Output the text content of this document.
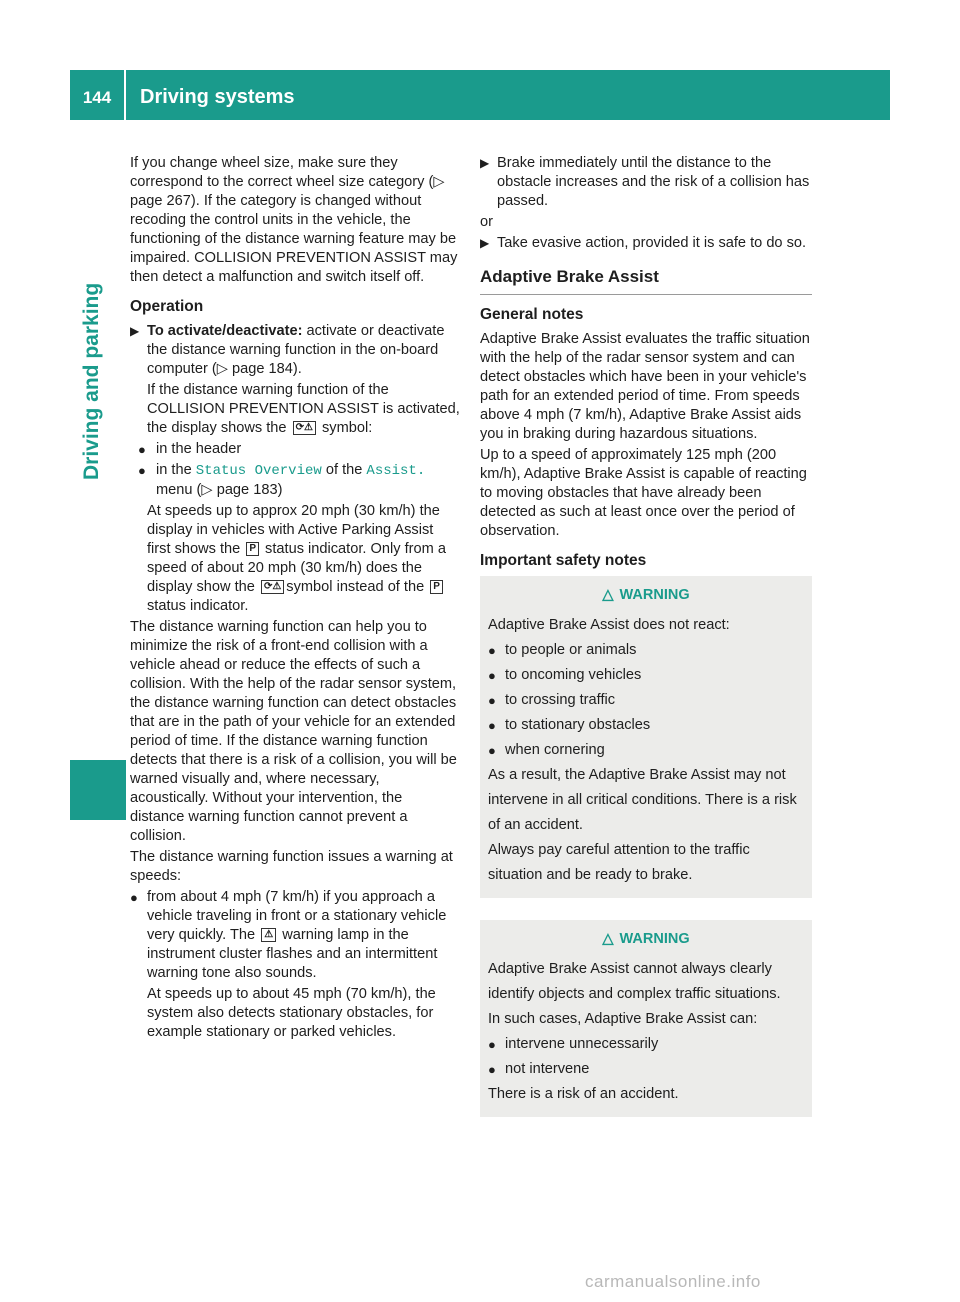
144	Driving systems
Driving and parking

If you change wheel size, make sure they correspond to the correct wheel size category (▷ page 267). If the category is changed without recoding the control units in the vehicle, the functioning of the distance warning feature may be impaired. COLLISION PREVENTION ASSIST may then detect a malfunction and switch itself off.

Operation

▶ To activate/deactivate: activate or deactivate the distance warning function in the on-board computer (▷ page 184).

If the distance warning function of the COLLISION PREVENTION ASSIST is activated, the display shows the ⟳⚠ symbol:

● in the header

● in the Status Overview of the Assist.
menu (▷ page 183)

At speeds up to approx 20 mph (30 km/h) the display in vehicles with Active Parking Assist first shows the P status indicator. Only from a speed of about 20 mph (30 km/h) does the display show the ⟳⚠ symbol instead of the P status indicator.

The distance warning function can help you to minimize the risk of a front-end collision with a vehicle ahead or reduce the effects of such a collision. With the help of the radar sensor system, the distance warning function can detect obstacles that are in the path of your vehicle for an extended period of time. If the distance warning function detects that there is a risk of a collision, you will be warned visually and, where necessary, acoustically. Without your intervention, the distance warning function cannot prevent a collision.

The distance warning function issues a warning at speeds:

● from about 4 mph (7 km/h) if you approach a vehicle traveling in front or a stationary vehicle very quickly. The ⚠ warning lamp in the instrument cluster flashes and an intermittent warning tone also sounds.

At speeds up to about 45 mph (70 km/h), the system also detects stationary obstacles, for example stationary or parked vehicles.

▶ Brake immediately until the distance to the obstacle increases and the risk of a collision has passed.

or

▶ Take evasive action, provided it is safe to do so.

Adaptive Brake Assist
General notes

Adaptive Brake Assist evaluates the traffic situation with the help of the radar sensor system and can detect obstacles which have been in your vehicle's path for an extended period of time. From speeds above 4 mph (7 km/h), Adaptive Brake Assist aids you in braking during hazardous situations.

Up to a speed of approximately 125 mph (200 km/h), Adaptive Brake Assist is capable of reacting to moving obstacles that have already been detected as such at least once over the period of observation.

Important safety notes
△ WARNING

Adaptive Brake Assist does not react:

● to people or animals

● to oncoming vehicles

● to crossing traffic

● to stationary obstacles

● when cornering

As a result, the Adaptive Brake Assist may not intervene in all critical conditions. There is a risk of an accident.

Always pay careful attention to the traffic situation and be ready to brake.

△ WARNING

Adaptive Brake Assist cannot always clearly identify objects and complex traffic situations.

In such cases, Adaptive Brake Assist can:

● intervene unnecessarily

● not intervene

There is a risk of an accident.

carmanualsonline.info
